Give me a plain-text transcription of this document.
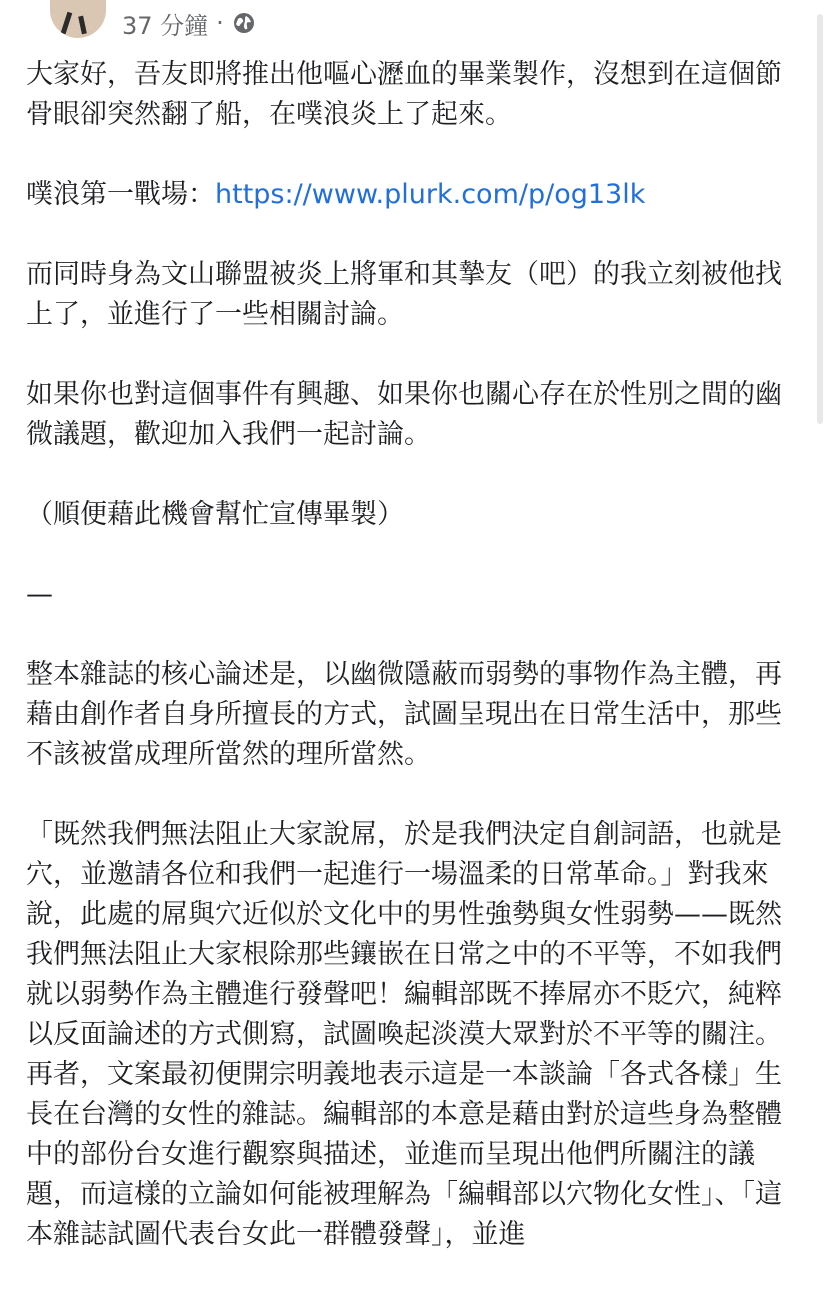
37 分鐘 ·

大家好，吾友即將推出他嘔心瀝血的畢業製作，沒想到在這個節骨眼卻突然翻了船，在噗浪炎上了起來。

噗浪第一戰場：https://www.plurk.com/p/og13lk

而同時身為文山聯盟被炎上將軍和其摯友（吧）的我立刻被他找上了，並進行了一些相關討論。

如果你也對這個事件有興趣、如果你也關心存在於性別之間的幽微議題，歡迎加入我們一起討論。

（順便藉此機會幫忙宣傳畢製）

—

整本雜誌的核心論述是，以幽微隱蔽而弱勢的事物作為主體，再藉由創作者自身所擅長的方式，試圖呈現出在日常生活中，那些不該被當成理所當然的理所當然。

「既然我們無法阻止大家說屌，於是我們決定自創詞語，也就是穴，並邀請各位和我們一起進行一場溫柔的日常革命。」對我來說，此處的屌與穴近似於文化中的男性強勢與女性弱勢——既然我們無法阻止大家根除那些鑲嵌在日常之中的不平等，不如我們就以弱勢作為主體進行發聲吧！編輯部既不捧屌亦不貶穴，純粹以反面論述的方式側寫，試圖喚起淡漠大眾對於不平等的關注。再者，文案最初便開宗明義地表示這是一本談論「各式各樣」生長在台灣的女性的雜誌。編輯部的本意是藉由對於這些身為整體中的部份台女進行觀察與描述，並進而呈現出他們所關注的議題，而這樣的立論如何能被理解為「編輯部以穴物化女性」、「這本雜誌試圖代表台女此一群體發聲」，並進
